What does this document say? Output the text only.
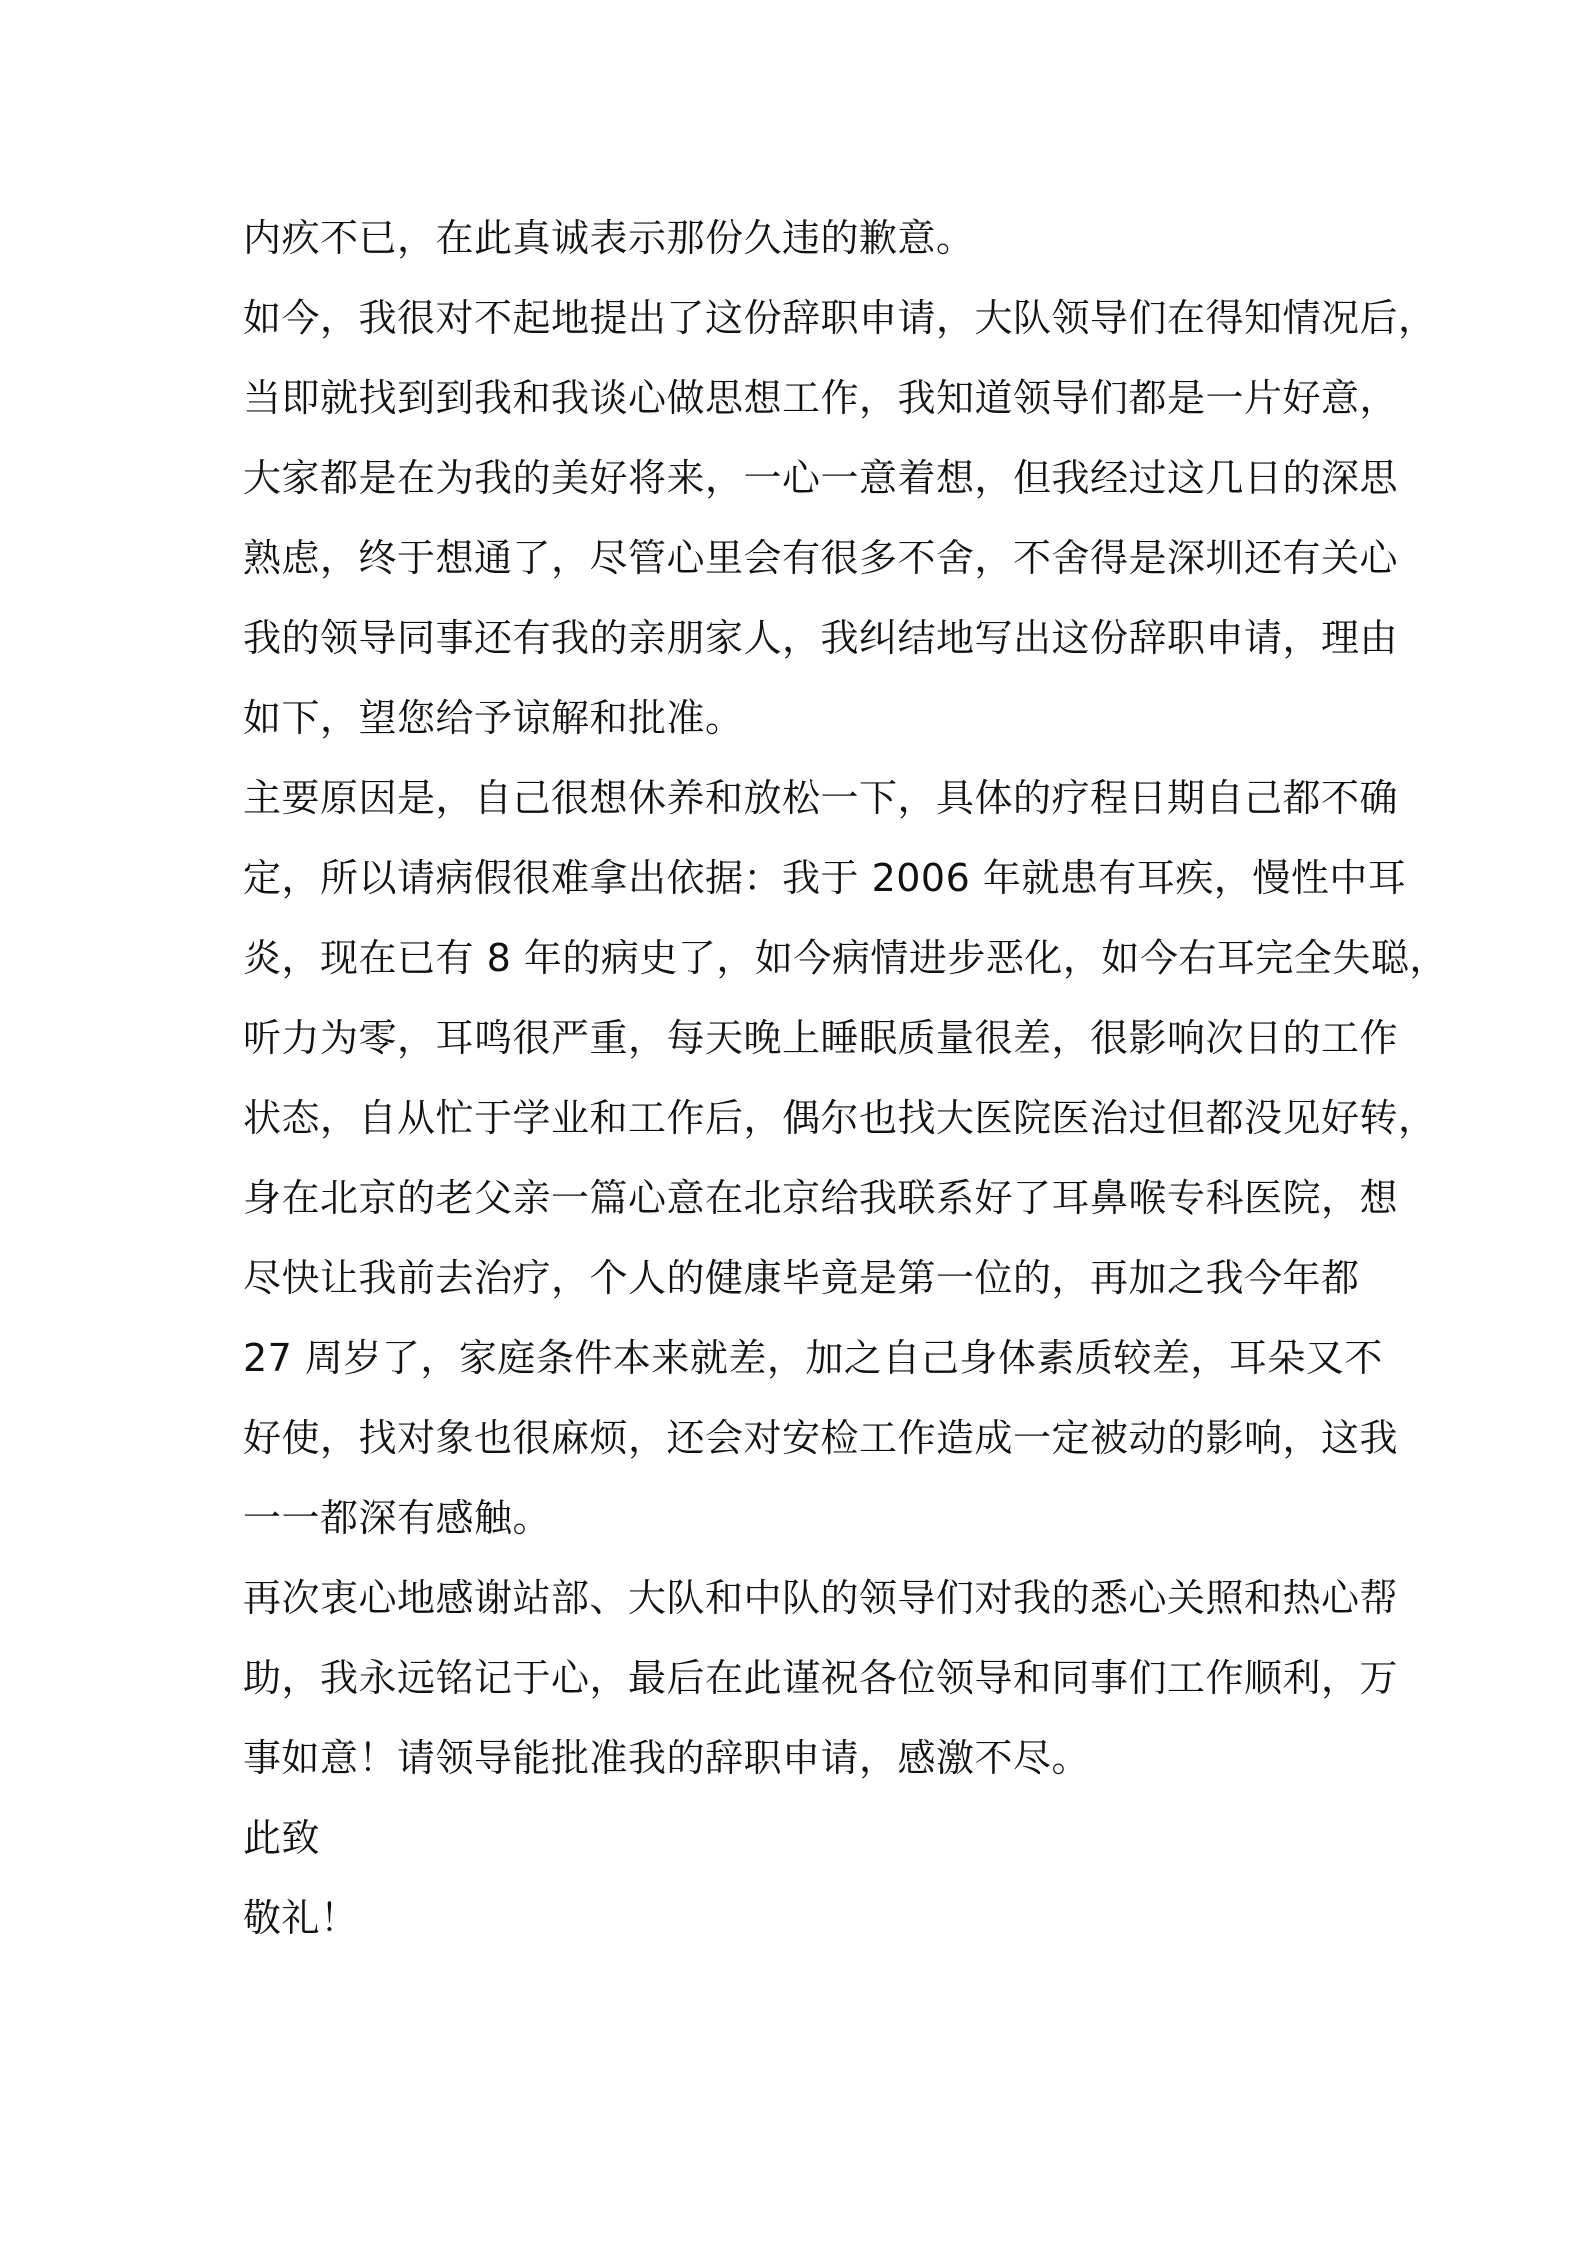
内疚不已，在此真诚表示那份久违的歉意。
如今，我很对不起地提出了这份辞职申请，大队领导们在得知情况后，
当即就找到到我和我谈心做思想工作，我知道领导们都是一片好意，
大家都是在为我的美好将来，一心一意着想，但我经过这几日的深思
熟虑，终于想通了，尽管心里会有很多不舍，不舍得是深圳还有关心
我的领导同事还有我的亲朋家人，我纠结地写出这份辞职申请，理由
如下，望您给予谅解和批准。
主要原因是，自己很想休养和放松一下，具体的疗程日期自己都不确
定，所以请病假很难拿出依据：我于 2006 年就患有耳疾，慢性中耳
炎，现在已有 8 年的病史了，如今病情进步恶化，如今右耳完全失聪，
听力为零，耳鸣很严重，每天晚上睡眠质量很差，很影响次日的工作
状态，自从忙于学业和工作后，偶尔也找大医院医治过但都没见好转，
身在北京的老父亲一篇心意在北京给我联系好了耳鼻喉专科医院，想
尽快让我前去治疗，个人的健康毕竟是第一位的，再加之我今年都
27 周岁了，家庭条件本来就差，加之自己身体素质较差，耳朵又不
好使，找对象也很麻烦，还会对安检工作造成一定被动的影响，这我
一一都深有感触。
再次衷心地感谢站部、大队和中队的领导们对我的悉心关照和热心帮
助，我永远铭记于心，最后在此谨祝各位领导和同事们工作顺利，万
事如意！请领导能批准我的辞职申请，感激不尽。
此致
敬礼！
